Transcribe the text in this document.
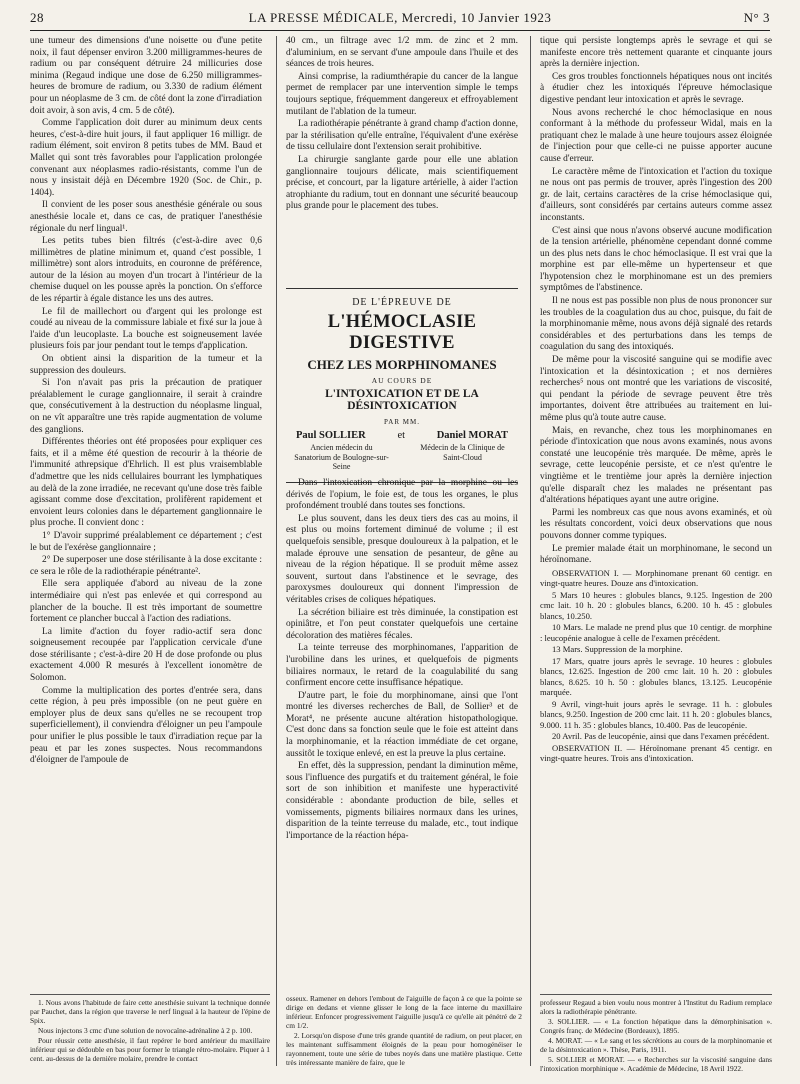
28	LA PRESSE MÉDICALE, Mercredi, 10 Janvier 1923	N° 3

une tumeur des dimensions d'une noisette ou d'une petite noix, il faut dépenser environ 3.200 milligrammes-heures de radium ou par conséquent détruire 24 millicuries dose minima (Regaud indique une dose de 6.250 milligrammes-heures de bromure de radium, ou 3.330 de radium élément pour un néoplasme de 3 cm. de côté dont la zone d'irradiation doit avoir, à son avis, 4 cm. 5 de côté).

Comme l'application doit durer au minimum deux cents heures, c'est-à-dire huit jours, il faut appliquer 16 milligr. de radium élément, soit environ 8 petits tubes de MM. Baud et Mallet qui sont très favorables pour l'application prolongée convenant aux néoplasmes radio-résistants, comme l'un de nous y insistait déjà en Décembre 1920 (Soc. de Chir., p. 1404).

Il convient de les poser sous anesthésie générale ou sous anesthésie locale et, dans ce cas, de pratiquer l'anesthésie régionale du nerf lingual¹.

Les petits tubes bien filtrés (c'est-à-dire avec 0,6 millimètres de platine minimum et, quand c'est possible, 1 millimètre) sont alors introduits, en couronne de préférence, autour de la lésion au moyen d'un trocart à l'intérieur de la chemise duquel on les pousse après la ponction. On s'efforce de les répartir à égale distance les uns des autres.

Le fil de maillechort ou d'argent qui les prolonge est coudé au niveau de la commissure labiale et fixé sur la joue à l'aide d'un leucoplaste. La bouche est soigneusement lavée plusieurs fois par jour pendant tout le temps d'application.

On obtient ainsi la disparition de la tumeur et la suppression des douleurs.

Si l'on n'avait pas pris la précaution de pratiquer préalablement le curage ganglionnaire, il serait à craindre que, consécutivement à la destruction du néoplasme lingual, on ne vît apparaître une très rapide augmentation de volume des ganglions.

Différentes théories ont été proposées pour expliquer ces faits, et il a même été question de recourir à la théorie de l'immunité athrepsique d'Ehrlich. Il est plus vraisemblable d'admettre que les nids cellulaires bourrant les lymphatiques au delà de la zone irradiée, ne recevant qu'une dose très faible agissant comme dose d'excitation, prolifèrent rapidement et envoient leurs colonies dans le département ganglionnaire le plus proche. Il convient donc :

1° D'avoir supprimé préalablement ce département ; c'est le but de l'exérèse ganglionnaire ;

2° De superposer une dose stérilisante à la dose excitante : ce sera le rôle de la radiothérapie pénétrante².

Elle sera appliquée d'abord au niveau de la zone intermédiaire qui n'est pas enlevée et qui correspond au plancher de la bouche. Il est très important de soumettre fortement ce plancher buccal à l'action des radiations.

La limite d'action du foyer radio-actif sera donc soigneusement recoupée par l'application cervicale d'une dose stérilisante ; c'est-à-dire 20 H de dose profonde ou plus exactement 4.000 R mesurés à l'excellent ionomètre de Solomon.

Comme la multiplication des portes d'entrée sera, dans cette région, à peu près impossible (on ne peut guère en employer plus de deux sans qu'elles ne se recoupent trop superficiellement), il conviendra d'éloigner un peu l'ampoule pour unifier le plus possible le taux d'irradiation reçue par la peau et par les zones suspectes. Nous recommandons d'éloigner de l'ampoule de

40 cm., un filtrage avec 1/2 mm. de zinc et 2 mm. d'aluminium, en se servant d'une ampoule dans l'huile et des séances de trois heures.

Ainsi comprise, la radiumthérapie du cancer de la langue permet de remplacer par une intervention simple le temps toujours septique, fréquemment dangereux et effroyablement mutilant de l'ablation de la tumeur.

La radiothérapie pénétrante à grand champ d'action donne, par la stérilisation qu'elle entraîne, l'équivalent d'une exérèse de tissu cellulaire dont l'extension serait prohibitive.

La chirurgie sanglante garde pour elle une ablation ganglionnaire toujours délicate, mais scientifiquement précise, et concourt, par la ligature artérielle, à aider l'action atrophiante du radium, tout en donnant une sécurité beaucoup plus grande pour le placement des tubes.

DE L'ÉPREUVE DE
L'HÉMOCLASIE DIGESTIVE
CHEZ LES MORPHINOMANES
AU COURS DE
L'INTOXICATION ET DE LA DÉSINTOXICATION
PAR MM.
Paul SOLLIER	et	Daniel MORAT
Ancien médecin du Sanatorium de Boulogne-sur-Seine
Médecin de la Clinique de Saint-Cloud

Dans l'intoxication chronique par la morphine ou les dérivés de l'opium, le foie est, de tous les organes, le plus profondément troublé dans toutes ses fonctions.

Le plus souvent, dans les deux tiers des cas au moins, il est plus ou moins fortement diminué de volume ; il est quelquefois sensible, presque douloureux à la palpation, et le malade éprouve une sensation de pesanteur, de gêne au niveau de la région hépatique. Il se produit même assez souvent, surtout dans l'abstinence et le sevrage, des paroxysmes douloureux qui donnent l'impression de véritables crises de coliques hépatiques.

La sécrétion biliaire est très diminuée, la constipation est opiniâtre, et l'on peut constater quelquefois une certaine décoloration des matières fécales.

La teinte terreuse des morphinomanes, l'apparition de l'urobiline dans les urines, et quelquefois de pigments biliaires normaux, le retard de la coagulabilité du sang confirment encore cette insuffisance hépatique.

D'autre part, le foie du morphinomane, ainsi que l'ont montré les diverses recherches de Ball, de Sollier³ et de Morat⁴, ne présente aucune altération histopathologique. C'est donc dans sa fonction seule que le foie est atteint dans la morphinomanie, et la réaction immédiate de cet organe, aussitôt le toxique enlevé, en est la preuve la plus certaine.

En effet, dès la suppression, pendant la diminution même, sous l'influence des purgatifs et du traitement général, le foie sort de son inhibition et manifeste une hyperactivité considérable : abondante production de bile, selles et vomissements, pigments biliaires normaux dans les urines, disparition de la teinte terreuse du malade, etc., tout indique l'importance de la réaction hépa-

tique qui persiste longtemps après le sevrage et qui se manifeste encore très nettement quarante et cinquante jours après la dernière injection.

Ces gros troubles fonctionnels hépatiques nous ont incités à étudier chez les intoxiqués l'épreuve hémoclasique digestive pendant leur intoxication et après le sevrage.

Nous avons recherché le choc hémoclasique en nous conformant à la méthode du professeur Widal, mais en la pratiquant chez le malade à une heure toujours assez éloignée de l'injection pour que celle-ci ne puisse apporter aucune cause d'erreur.

Le caractère même de l'intoxication et l'action du toxique ne nous ont pas permis de trouver, après l'ingestion des 200 gr. de lait, certains caractères de la crise hémoclasique qui, d'ailleurs, sont considérés par certains auteurs comme assez inconstants.

C'est ainsi que nous n'avons observé aucune modification de la tension artérielle, phénomène cependant donné comme un des plus nets dans le choc hémoclasique. Il est vrai que la morphine est par elle-même un hypertenseur et que l'hypotension chez le morphinomane est un des premiers symptômes de l'abstinence.

Il ne nous est pas possible non plus de nous prononcer sur les troubles de la coagulation dus au choc, puisque, du fait de la morphinomanie même, nous avons déjà signalé des retards considérables et des perturbations dans les temps de coagulation du sang des intoxiqués.

De même pour la viscosité sanguine qui se modifie avec l'intoxication et la désintoxication ; et nos dernières recherches⁵ nous ont montré que les variations de viscosité, qui pendant la période de sevrage peuvent être très importantes, doivent être attribuées au traitement en lui-même plus qu'à toute autre cause.

Mais, en revanche, chez tous les morphinomanes en période d'intoxication que nous avons examinés, nous avons constaté une leucopénie très marquée. De même, après le sevrage, cette leucopénie persiste, et ce n'est qu'entre le vingtième et le trentième jour après la dernière injection qu'elle disparaît chez les malades ne présentant pas d'altérations hépatiques ayant une autre origine.

Parmi les nombreux cas que nous avons examinés, et où les résultats concordent, voici deux observations que nous pouvons donner comme typiques.

Le premier malade était un morphinomane, le second un héroïnomane.

OBSERVATION I. — Morphinomane prenant 60 centigr. en vingt-quatre heures. Douze ans d'intoxication.

5 Mars 10 heures : globules blancs, 9.125. Ingestion de 200 cmc lait. 10 h. 20 : globules blancs, 6.200. 10 h. 45 : globules blancs, 10.250.

10 Mars. Le malade ne prend plus que 10 centigr. de morphine : leucopénie analogue à celle de l'examen précédent.

13 Mars. Suppression de la morphine.

17 Mars, quatre jours après le sevrage. 10 heures : globules blancs, 12.625. Ingestion de 200 cmc lait. 10 h. 20 : globules blancs, 8.625. 10 h. 50 : globules blancs, 13.125. Leucopénie marquée.

9 Avril, vingt-huit jours après le sevrage. 11 h. : globules blancs, 9.250. Ingestion de 200 cmc lait. 11 h. 20 : globules blancs, 9.000. 11 h. 35 : globules blancs, 10.400. Pas de leucopénie.

20 Avril. Pas de leucopénie, ainsi que dans l'examen précédent.

OBSERVATION II. — Héroïnomane prenant 45 centigr. en vingt-quatre heures. Trois ans d'intoxication.

1. Nous avons l'habitude de faire cette anesthésie suivant la technique donnée par Pauchet, dans la région que traverse le nerf lingual à la hauteur de l'épine de Spix.

Nous injectons 3 cmc d'une solution de novocaïne-adrénaline à 2 p. 100.

Pour réussir cette anesthésie, il faut repérer le bord antérieur du maxillaire inférieur qui se dédouble en bas pour former le triangle rétro-molaire. Piquer à 1 cent. au-dessus de la dernière molaire, prendre le contact

osseux. Ramener en dehors l'embout de l'aiguille de façon à ce que la pointe se dirige en dedans et vienne glisser le long de la face interne du maxillaire inférieur. Enfoncer progressivement l'aiguille jusqu'à ce qu'elle ait pénétré de 2 cm 1/2.

2. Lorsqu'on dispose d'une très grande quantité de radium, on peut placer, en les maintenant suffisamment éloignés de la peau pour homogénéiser le rayonnement, toute une série de tubes noyés dans une matière plastique. Cette très intéressante manière de faire, que le

professeur Regaud a bien voulu nous montrer à l'Institut du Radium remplace alors la radiothérapie pénétrante.

3. SOLLIER. — « La fonction hépatique dans la démorphinisation ». Congrès franç. de Médecine (Bordeaux), 1895.

4. MORAT. — « Le sang et les sécrétions au cours de la morphinomanie et de la désintoxication ». Thèse, Paris, 1911.

5. SOLLIER et MORAT. — « Recherches sur la viscosité sanguine dans l'intoxication morphinique ». Académie de Médecine, 18 Avril 1922.
